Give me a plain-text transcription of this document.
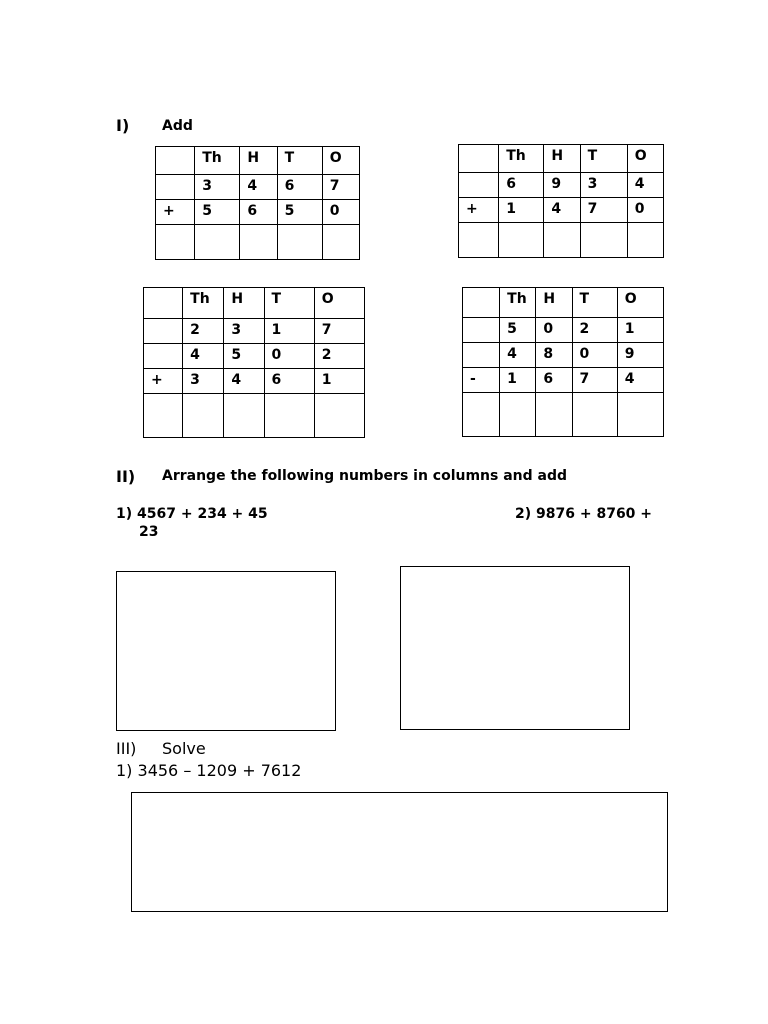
I) Add
	Th	H	T	O
	3	4	6	7
+	5	6	5	0

	Th	H	T	O
	6	9	3	4
+	1	4	7	0

	Th	H	T	O
	2	3	1	7
	4	5	0	2
+	3	4	6	1

	Th	H	T	O
	5	0	2	1
	4	8	0	9
-	1	6	7	4

II) Arrange the following numbers in columns and add
1) 4567 + 234 + 45
23
2) 9876 + 8760 +
III) Solve
1) 3456 – 1209 + 7612
